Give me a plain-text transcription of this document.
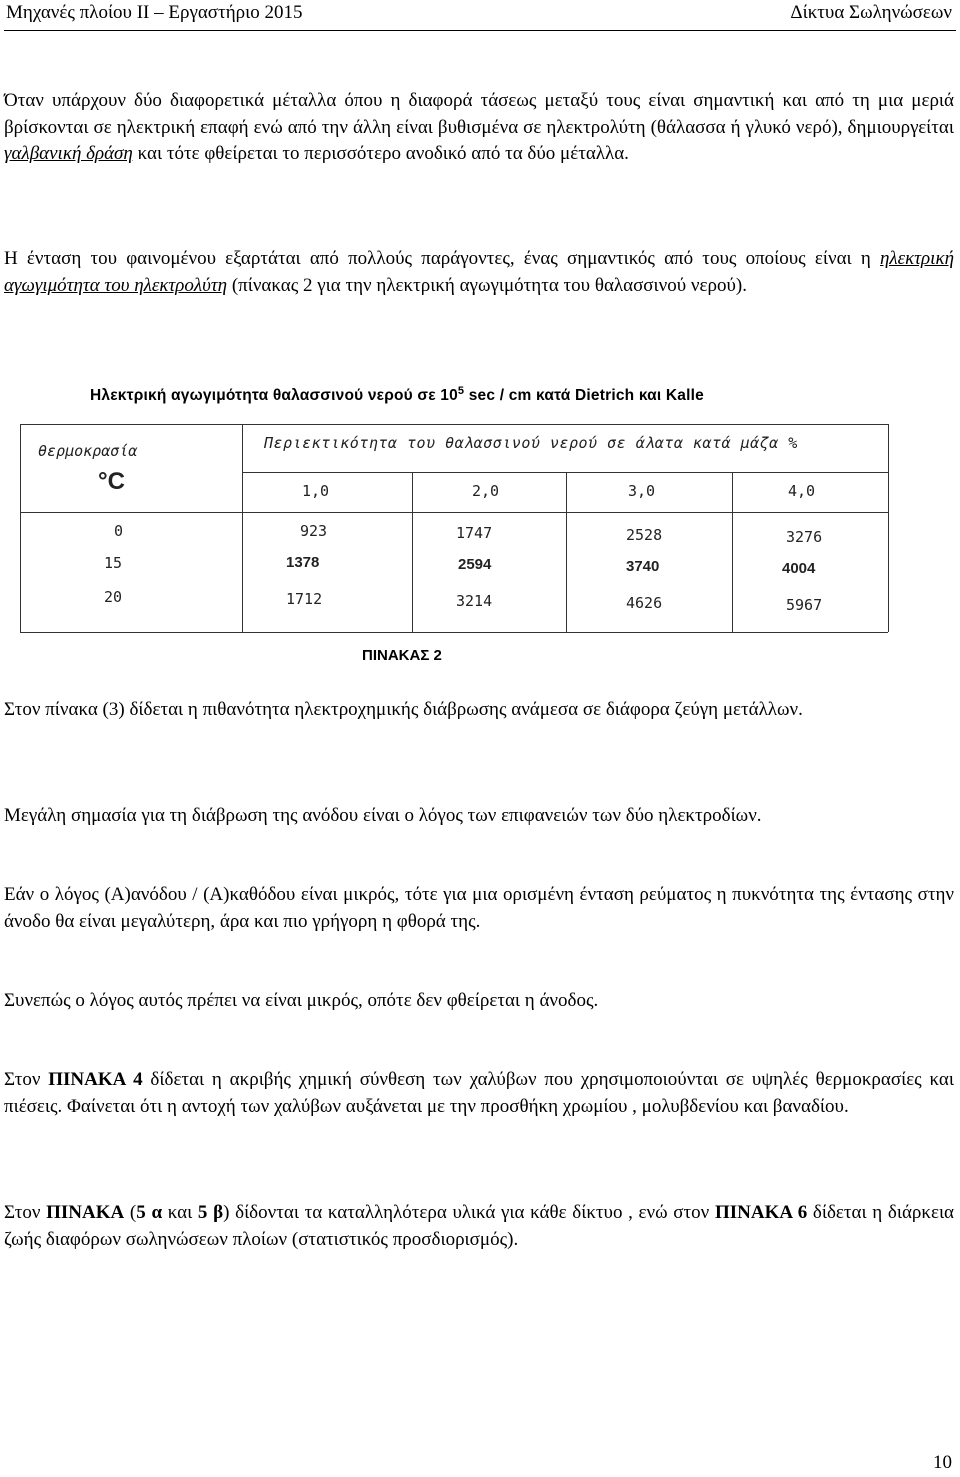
Μηχανές πλοίου ΙΙ – Εργαστήριο 2015	Δίκτυα Σωληνώσεων

Όταν υπάρχουν δύο διαφορετικά μέταλλα όπου η διαφορά τάσεως μεταξύ τους είναι σημαντική και από τη μια μεριά βρίσκονται σε ηλεκτρική επαφή ενώ από την άλλη είναι βυθισμένα σε ηλεκτρολύτη (θάλασσα ή γλυκό νερό), δημιουργείται γαλβανική δράση και τότε φθείρεται το περισσότερο ανοδικό από τα δύο μέταλλα.

Η ένταση του φαινομένου εξαρτάται από πολλούς παράγοντες, ένας σημαντικός από τους οποίους είναι η ηλεκτρική αγωγιμότητα του ηλεκτρολύτη (πίνακας 2 για την ηλεκτρική αγωγιμότητα του θαλασσινού νερού).

Ηλεκτρική αγωγιμότητα θαλασσινού νερού σε $10^5$ sec / cm κατά Dietrich και Kalle
θερμοκρασία
°C
Περιεκτικότητα του θαλασσινού νερού σε άλατα κατά μάζα %
1,0	2,0	3,0	4,0
0	923	1747	2528	3276
15	1378	2594	3740	4004
20	1712	3214	4626	5967
ΠΙΝΑΚΑΣ 2

Στον πίνακα (3) δίδεται η πιθανότητα ηλεκτροχημικής διάβρωσης ανάμεσα σε διάφορα ζεύγη μετάλλων.

Μεγάλη σημασία για τη διάβρωση της ανόδου είναι ο λόγος των επιφανειών των δύο ηλεκτροδίων.

Εάν ο λόγος (Α)ανόδου / (Α)καθόδου είναι μικρός, τότε για μια ορισμένη ένταση ρεύματος η πυκνότητα της έντασης στην άνοδο θα είναι μεγαλύτερη, άρα και πιο γρήγορη η φθορά της.

Συνεπώς ο λόγος αυτός πρέπει να είναι μικρός, οπότε δεν φθείρεται η άνοδος.

Στον ΠΙΝΑΚΑ 4 δίδεται η ακριβής χημική σύνθεση των χαλύβων που χρησιμοποιούνται σε υψηλές θερμοκρασίες και πιέσεις. Φαίνεται ότι η αντοχή των χαλύβων αυξάνεται με την προσθήκη χρωμίου , μολυβδενίου και βαναδίου.

Στον ΠΙΝΑΚΑ (5 α και 5 β) δίδονται τα καταλληλότερα υλικά για κάθε δίκτυο , ενώ στον ΠΙΝΑΚΑ 6 δίδεται η διάρκεια ζωής διαφόρων σωληνώσεων πλοίων (στατιστικός προσδιορισμός).

10
